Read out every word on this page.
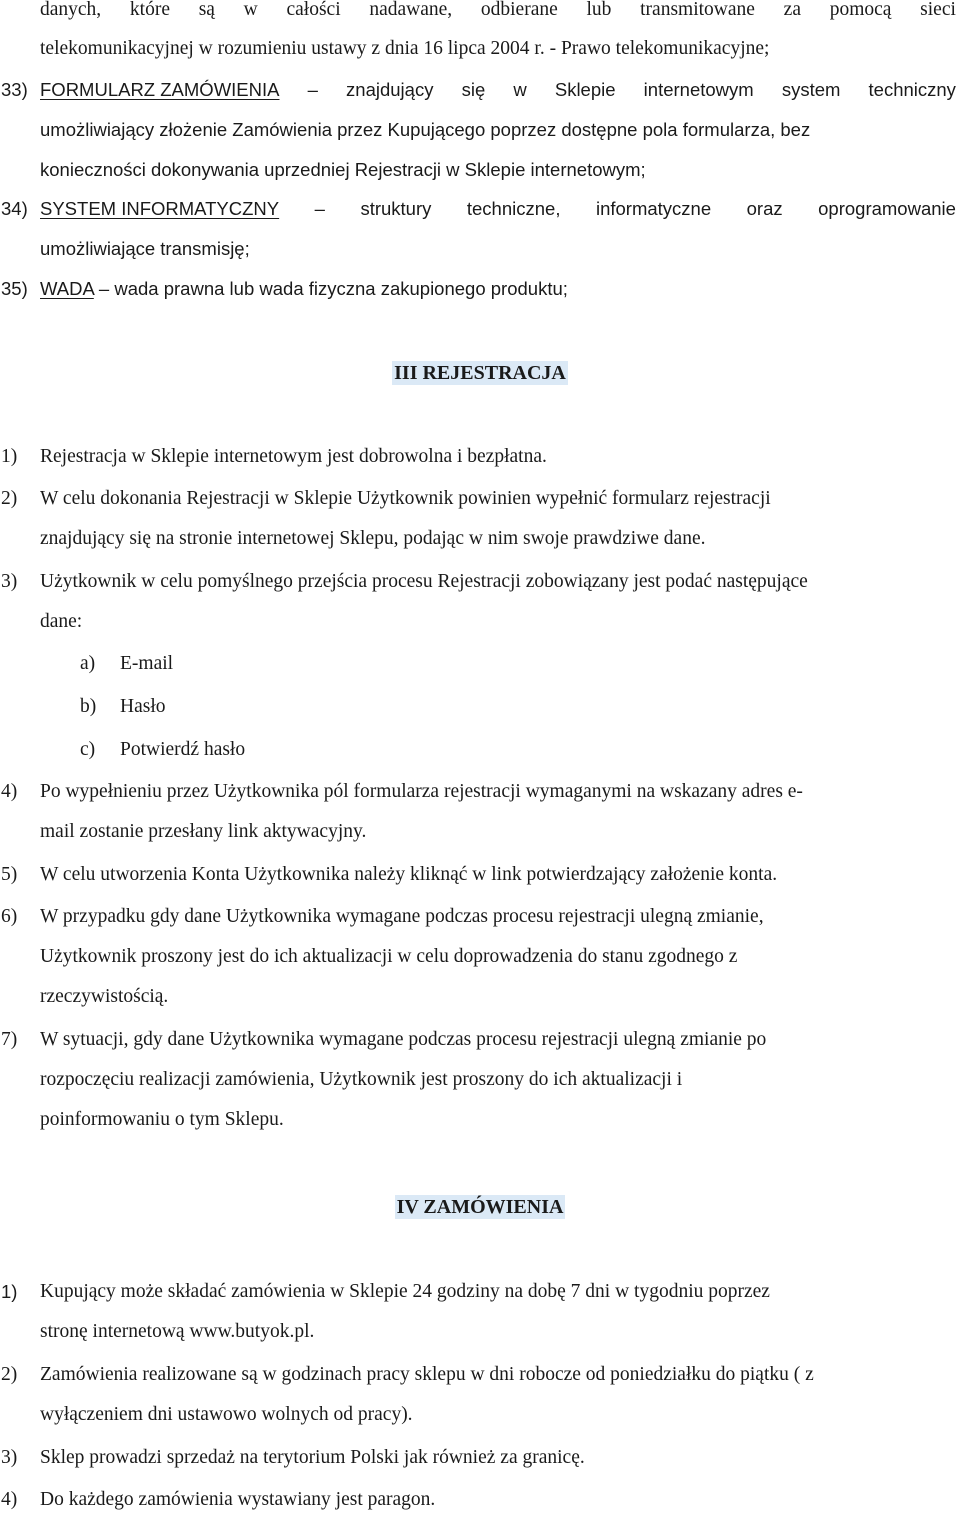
danych, które są w całości nadawane, odbierane lub transmitowane za pomocą sieci
telekomunikacyjnej w rozumieniu ustawy z dnia 16 lipca 2004 r. - Prawo telekomunikacyjne;
33) FORMULARZ ZAMÓWIENIA – znajdujący się w Sklepie internetowym system techniczny
umożliwiający złożenie Zamówienia przez Kupującego poprzez dostępne pola formularza, bez
konieczności dokonywania uprzedniej Rejestracji w Sklepie internetowym;
34) SYSTEM INFORMATYCZNY – struktury techniczne, informatyczne oraz oprogramowanie
umożliwiające transmisję;
35) WADA – wada prawna lub wada fizyczna zakupionego produktu;
III REJESTRACJA
1) Rejestracja w Sklepie internetowym jest dobrowolna i bezpłatna.
2) W celu dokonania Rejestracji w Sklepie Użytkownik powinien wypełnić formularz rejestracji
znajdujący się na stronie internetowej Sklepu, podając w nim swoje prawdziwe dane.
3) Użytkownik w celu pomyślnego przejścia procesu Rejestracji zobowiązany jest podać następujące
dane:
4) Po wypełnieniu przez Użytkownika pól formularza rejestracji wymaganymi na wskazany adres e-
mail zostanie przesłany link aktywacyjny.
5) W celu utworzenia Konta Użytkownika należy kliknąć w link potwierdzający założenie konta.
6) W przypadku gdy dane Użytkownika wymagane podczas procesu rejestracji ulegną zmianie,
Użytkownik proszony jest do ich aktualizacji w celu doprowadzenia do stanu zgodnego z
rzeczywistością.
7) W sytuacji, gdy dane Użytkownika wymagane podczas procesu rejestracji ulegną zmianie po
rozpoczęciu realizacji zamówienia, Użytkownik jest proszony do ich aktualizacji i
poinformowaniu o tym Sklepu.
a) E-mail
b) Hasło
c) Potwierdź hasło
IV ZAMÓWIENIA
1) Kupujący może składać zamówienia w Sklepie 24 godziny na dobę 7 dni w tygodniu poprzez
stronę internetową www.butyok.pl.
2) Zamówienia realizowane są w godzinach pracy sklepu w dni robocze od poniedziałku do piątku ( z
wyłączeniem dni ustawowo wolnych od pracy).
3) Sklep prowadzi sprzedaż na terytorium Polski jak również za granicę.
4) Do każdego zamówienia wystawiany jest paragon.
